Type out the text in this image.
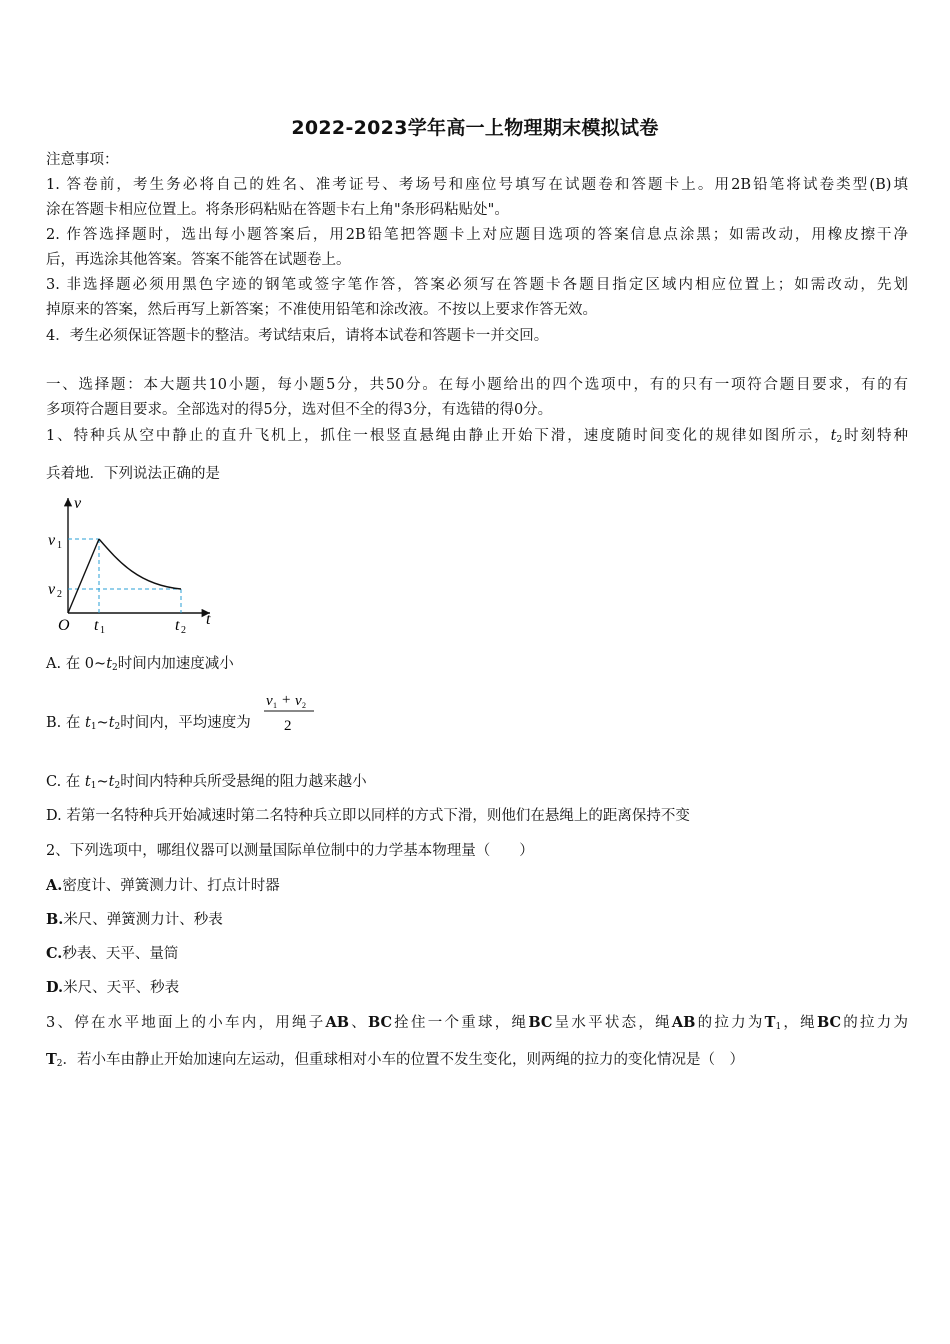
2022-2023学年高一上物理期末模拟试卷
注意事项：
1. 答卷前，考生务必将自己的姓名、准考证号、考场号和座位号填写在试题卷和答题卡上。用2B铅笔将试卷类型(B)填
涂在答题卡相应位置上。将条形码粘贴在答题卡右上角"条形码粘贴处"。
2. 作答选择题时，选出每小题答案后，用2B铅笔把答题卡上对应题目选项的答案信息点涂黑；如需改动，用橡皮擦干净
后，再选涂其他答案。答案不能答在试题卷上。
3. 非选择题必须用黑色字迹的钢笔或签字笔作答，答案必须写在答题卡各题目指定区域内相应位置上；如需改动，先划
掉原来的答案，然后再写上新答案；不准使用铅笔和涂改液。不按以上要求作答无效。
4．考生必须保证答题卡的整洁。考试结束后，请将本试卷和答题卡一并交回。
一、选择题：本大题共10小题，每小题5分，共50分。在每小题给出的四个选项中，有的只有一项符合题目要求，有的有
多项符合题目要求。全部选对的得5分，选对但不全的得3分，有选错的得0分。
1、特种兵从空中静止的直升飞机上，抓住一根竖直悬绳由静止开始下滑，速度随时间变化的规律如图所示，$t_2$时刻特种
兵着地．下列说法正确的是
v
t
O
v 1
v 2
t 1	t 2
A. 在 $0\sim t_2$时间内加速度减小
B. 在 $t_1\sim t_2$时间内，平均速度为
v 1 + v 2
2
C. 在 $t_1\sim t_2$时间内特种兵所受悬绳的阻力越来越小
D. 若第一名特种兵开始减速时第二名特种兵立即以同样的方式下滑，则他们在悬绳上的距离保持不变
2、下列选项中，哪组仪器可以测量国际单位制中的力学基本物理量（　　）
A.密度计、弹簧测力计、打点计时器
B.米尺、弹簧测力计、秒表
C.秒表、天平、量筒
D.米尺、天平、秒表
3、停在水平地面上的小车内，用绳子AB、BC拴住一个重球，绳BC呈水平状态，绳AB的拉力为$T_1$，绳BC的拉力为
$T_2$．若小车由静止开始加速向左运动，但重球相对小车的位置不发生变化，则两绳的拉力的变化情况是（　）
